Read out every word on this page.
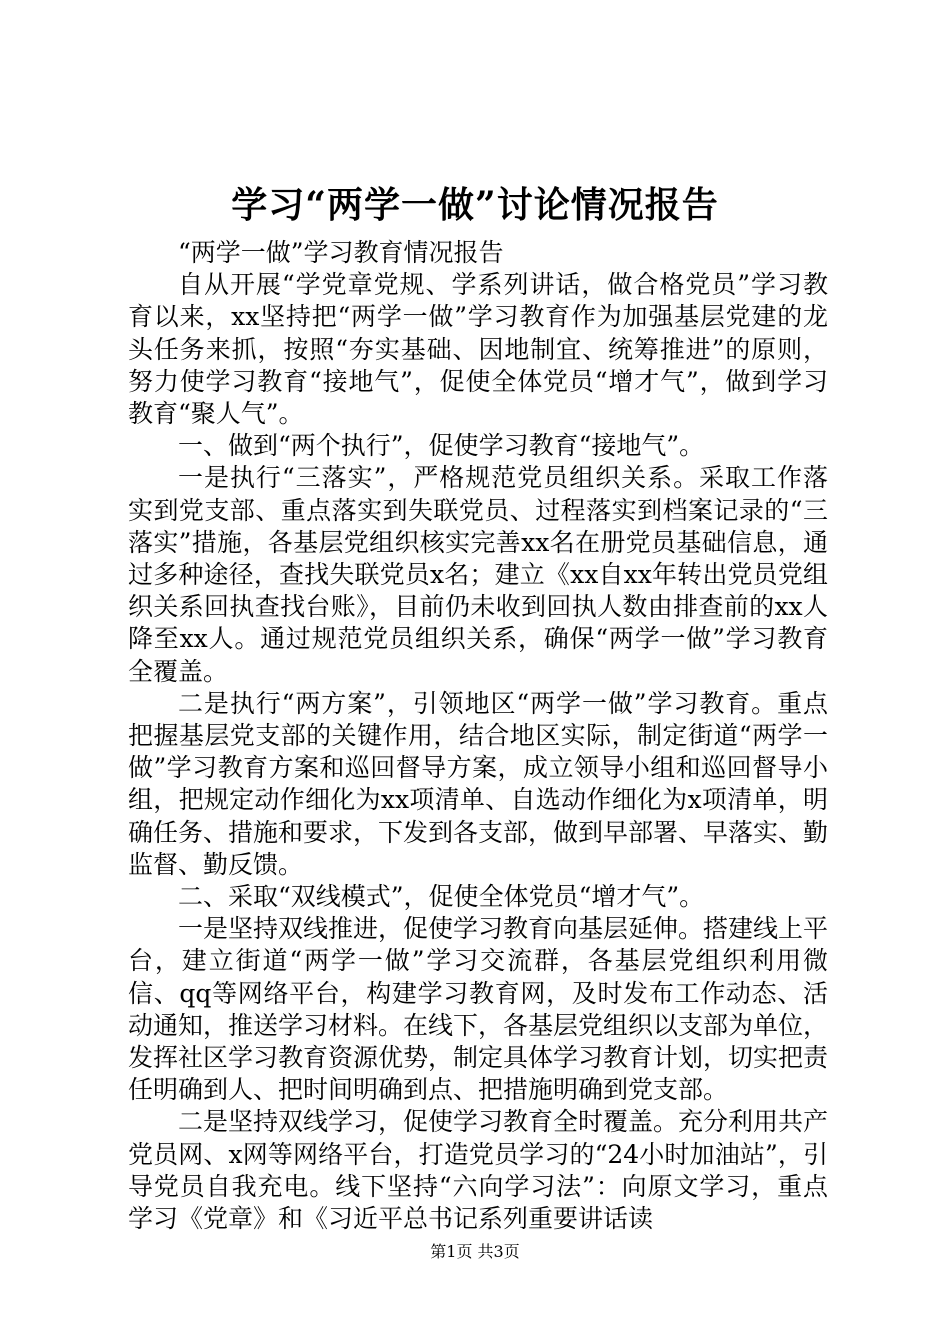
学习“两学一做”讨论情况报告

“两学一做”学习教育情况报告

自从开展“学党章党规、学系列讲话，做合格党员”学习教育以来，xx坚持把“两学一做”学习教育作为加强基层党建的龙头任务来抓，按照“夯实基础、因地制宜、统筹推进”的原则，努力使学习教育“接地气”，促使全体党员“增才气”，做到学习教育“聚人气”。

一、做到“两个执行”，促使学习教育“接地气”。

一是执行“三落实”，严格规范党员组织关系。采取工作落实到党支部、重点落实到失联党员、过程落实到档案记录的“三落实”措施，各基层党组织核实完善xx名在册党员基础信息，通过多种途径，查找失联党员x名；建立《xx自xx年转出党员党组织关系回执查找台账》，目前仍未收到回执人数由排查前的xx人降至xx人。通过规范党员组织关系，确保“两学一做”学习教育全覆盖。

二是执行“两方案”，引领地区“两学一做”学习教育。重点把握基层党支部的关键作用，结合地区实际，制定街道“两学一做”学习教育方案和巡回督导方案，成立领导小组和巡回督导小组，把规定动作细化为xx项清单、自选动作细化为x项清单，明确任务、措施和要求，下发到各支部，做到早部署、早落实、勤监督、勤反馈。

二、采取“双线模式”，促使全体党员“增才气”。

一是坚持双线推进，促使学习教育向基层延伸。搭建线上平台，建立街道“两学一做”学习交流群，各基层党组织利用微信、qq等网络平台，构建学习教育网，及时发布工作动态、活动通知，推送学习材料。在线下，各基层党组织以支部为单位，发挥社区学习教育资源优势，制定具体学习教育计划，切实把责任明确到人、把时间明确到点、把措施明确到党支部。

二是坚持双线学习，促使学习教育全时覆盖。充分利用共产党员网、x网等网络平台，打造党员学习的“24小时加油站”，引导党员自我充电。线下坚持“六向学习法”：向原文学习，重点学习《党章》和《习近平总书记系列重要讲话读

第1页 共3页
